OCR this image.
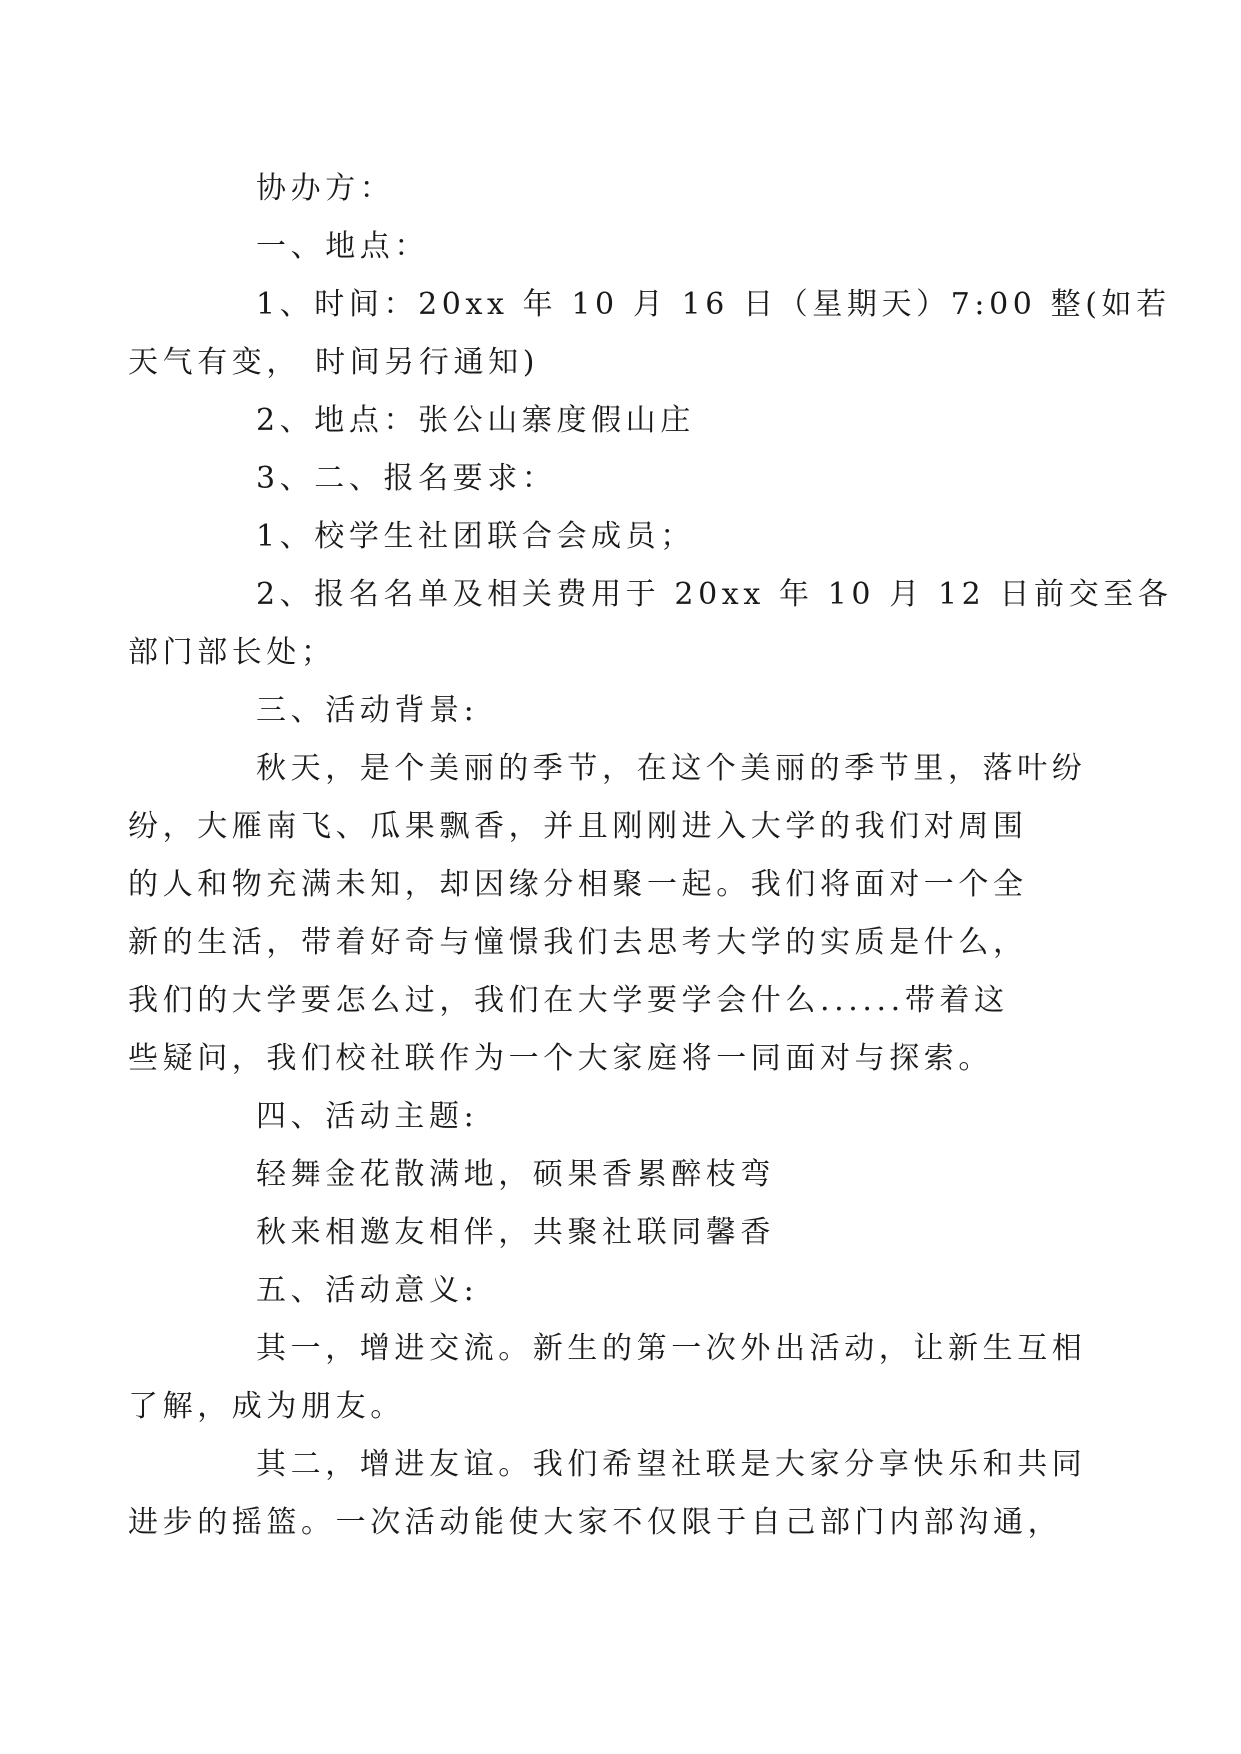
协办方：

一、地点：

1、时间：20xx 年 10 月 16 日（星期天）7:00 整(如若
天气有变， 时间另行通知)

2、地点：张公山寨度假山庄

3、二、报名要求：

1、校学生社团联合会成员；

2、报名名单及相关费用于 20xx 年 10 月 12 日前交至各
部门部长处；

三、活动背景:

秋天，是个美丽的季节，在这个美丽的季节里，落叶纷
纷，大雁南飞、瓜果飘香，并且刚刚进入大学的我们对周围
的人和物充满未知，却因缘分相聚一起。我们将面对一个全
新的生活，带着好奇与憧憬我们去思考大学的实质是什么，
我们的大学要怎么过，我们在大学要学会什么......带着这
些疑问，我们校社联作为一个大家庭将一同面对与探索。

四、活动主题:

轻舞金花散满地，硕果香累醉枝弯

秋来相邀友相伴，共聚社联同馨香

五、活动意义:

其一，增进交流。新生的第一次外出活动，让新生互相
了解，成为朋友。

其二，增进友谊。我们希望社联是大家分享快乐和共同
进步的摇篮。一次活动能使大家不仅限于自己部门内部沟通，
